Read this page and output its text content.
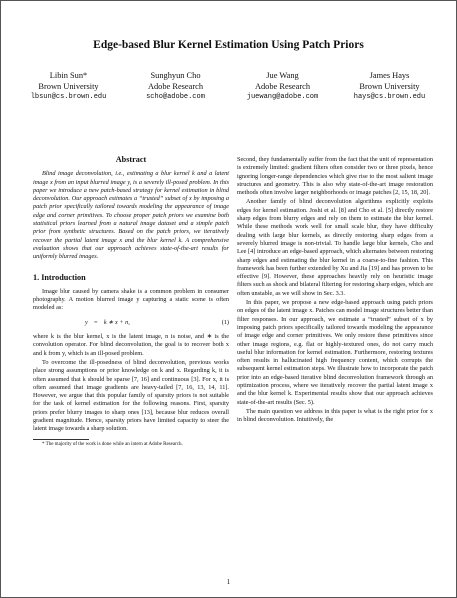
Edge-based Blur Kernel Estimation Using Patch Priors
Libin Sun*
Brown University
lbsun@cs.brown.edu
Sunghyun Cho
Adobe Research
scho@adobe.com
Jue Wang
Adobe Research
juewang@adobe.com
James Hays
Brown University
hays@cs.brown.edu
Abstract

Blind image deconvolution, i.e., estimating a blur kernel k and a latent image x from an input blurred image y, is a severely ill-posed problem. In this paper we introduce a new patch-based strategy for kernel estimation in blind deconvolution. Our approach estimates a “trusted” subset of x by imposing a patch prior specifically tailored towards modeling the appearance of image edge and corner primitives. To choose proper patch priors we examine both statistical priors learned from a natural image dataset and a simple patch prior from synthetic structures. Based on the patch priors, we iteratively recover the partial latent image x and the blur kernel k. A comprehensive evaluation shows that our approach achieves state-of-the-art results for uniformly blurred images.

1. Introduction

Image blur caused by camera shake is a common problem in consumer photography. A motion blurred image y capturing a static scene is often modeled as:

y = k ∗ x + n,	(1)

where k is the blur kernel, x is the latent image, n is noise, and ∗ is the convolution operator. For blind deconvolution, the goal is to recover both x and k from y, which is an ill-posed problem.

To overcome the ill-posedness of blind deconvolution, previous works place strong assumptions or prior knowledge on k and x. Regarding k, it is often assumed that k should be sparse [7, 16] and continuous [3]. For x, it is often assumed that image gradients are heavy-tailed [7, 16, 13, 14, 11]. However, we argue that this popular family of sparsity priors is not suitable for the task of kernel estimation for the following reasons. First, sparsity priors prefer blurry images to sharp ones [13], because blur reduces overall gradient magnitude. Hence, sparsity priors have limited capacity to steer the latent image towards a sharp solution.

* The majority of the work is done while an intern at Adobe Research.

Second, they fundamentally suffer from the fact that the unit of representation is extremely limited: gradient filters often consider two or three pixels, hence ignoring longer-range dependencies which give rise to the most salient image structures and geometry. This is also why state-of-the-art image restoration methods often involve larger neighborhoods or image patches [2, 15, 18, 20].

Another family of blind deconvolution algorithms explicitly exploits edges for kernel estimation. Joshi et al. [8] and Cho et al. [5] directly restore sharp edges from blurry edges and rely on them to estimate the blur kernel. While these methods work well for small scale blur, they have difficulty dealing with large blur kernels, as directly restoring sharp edges from a severely blurred image is non-trivial. To handle large blur kernels, Cho and Lee [4] introduce an edge-based approach, which alternates between restoring sharp edges and estimating the blur kernel in a coarse-to-fine fashion. This framework has been further extended by Xu and Jia [19] and has proven to be effective [9]. However, these approaches heavily rely on heuristic image filters such as shock and bilateral filtering for restoring sharp edges, which are often unstable, as we will show in Sec. 3.3.

In this paper, we propose a new edge-based approach using patch priors on edges of the latent image x. Patches can model image structures better than filter responses. In our approach, we estimate a “trusted” subset of x by imposing patch priors specifically tailored towards modeling the appearance of image edge and corner primitives. We only restore these primitives since other image regions, e.g. flat or highly-textured ones, do not carry much useful blur information for kernel estimation. Furthermore, restoring textures often results in hallucinated high frequency content, which corrupts the subsequent kernel estimation steps. We illustrate how to incorporate the patch prior into an edge-based iterative blind deconvolution framework through an optimization process, where we iteratively recover the partial latent image x and the blur kernel k. Experimental results show that our approach achieves state-of-the-art results (Sec. 5).

The main question we address in this paper is what is the right prior for x in blind deconvolution. Intuitively, the

1
